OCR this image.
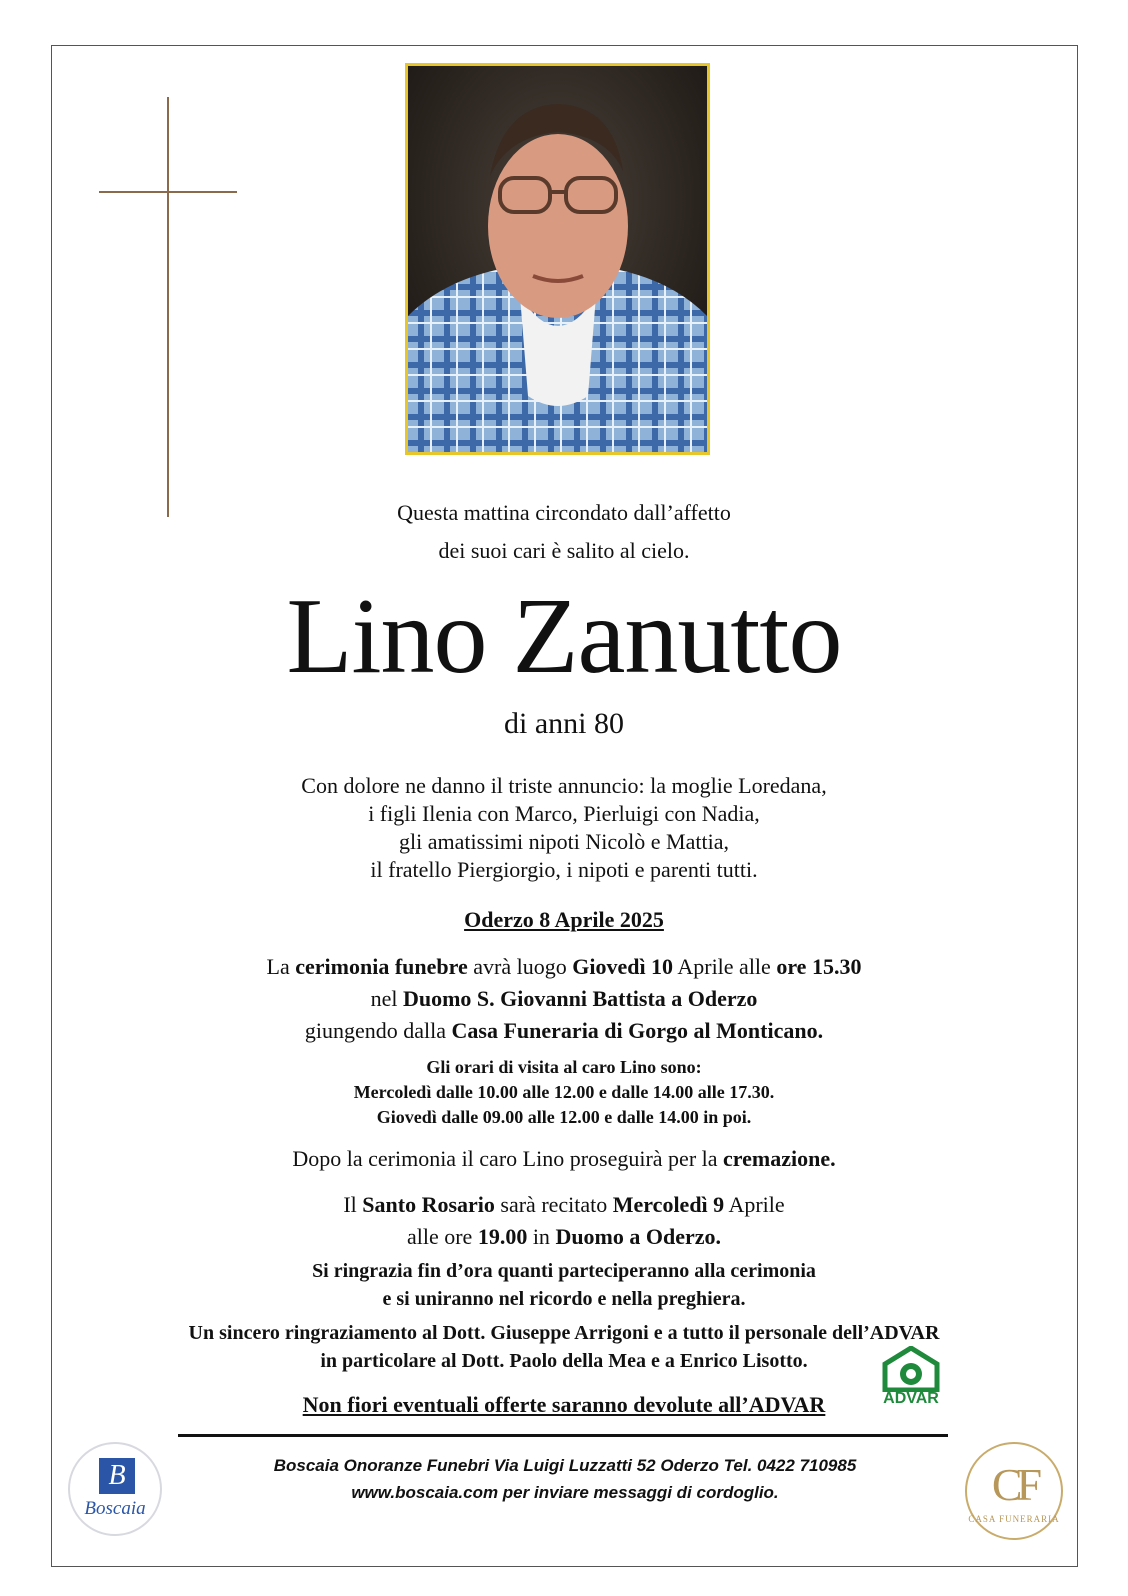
Questa mattina circondato dall’affetto
dei suoi cari è salito al cielo.
Lino Zanutto
di anni 80
Con dolore ne danno il triste annuncio: la moglie Loredana,
i figli Ilenia con Marco, Pierluigi con Nadia,
gli amatissimi nipoti Nicolò e Mattia,
il fratello Piergiorgio, i nipoti e parenti tutti.
Oderzo 8 Aprile 2025
La cerimonia funebre avrà luogo Giovedì 10 Aprile alle ore 15.30
nel Duomo S. Giovanni Battista a Oderzo
giungendo dalla Casa Funeraria di Gorgo al Monticano.
Gli orari di visita al caro Lino sono:
Mercoledì dalle 10.00 alle 12.00 e dalle 14.00 alle 17.30.
Giovedì dalle 09.00 alle 12.00 e dalle 14.00 in poi.
Dopo la cerimonia il caro Lino proseguirà per la cremazione.
Il Santo Rosario sarà recitato Mercoledì 9 Aprile
alle ore 19.00 in Duomo a Oderzo.
Si ringrazia fin d’ora quanti parteciperanno alla cerimonia
e si uniranno nel ricordo e nella preghiera.
Un sincero ringraziamento al Dott. Giuseppe Arrigoni e a tutto il personale dell’ADVAR
in particolare al Dott. Paolo della Mea e a Enrico Lisotto.
Non fiori eventuali offerte saranno devolute all’ADVAR	ADVAR
B
Boscaia
Boscaia Onoranze Funebri Via Luigi Luzzatti 52 Oderzo Tel. 0422 710985
www.boscaia.com per inviare messaggi di cordoglio.	CF
CASA FUNERARIA
